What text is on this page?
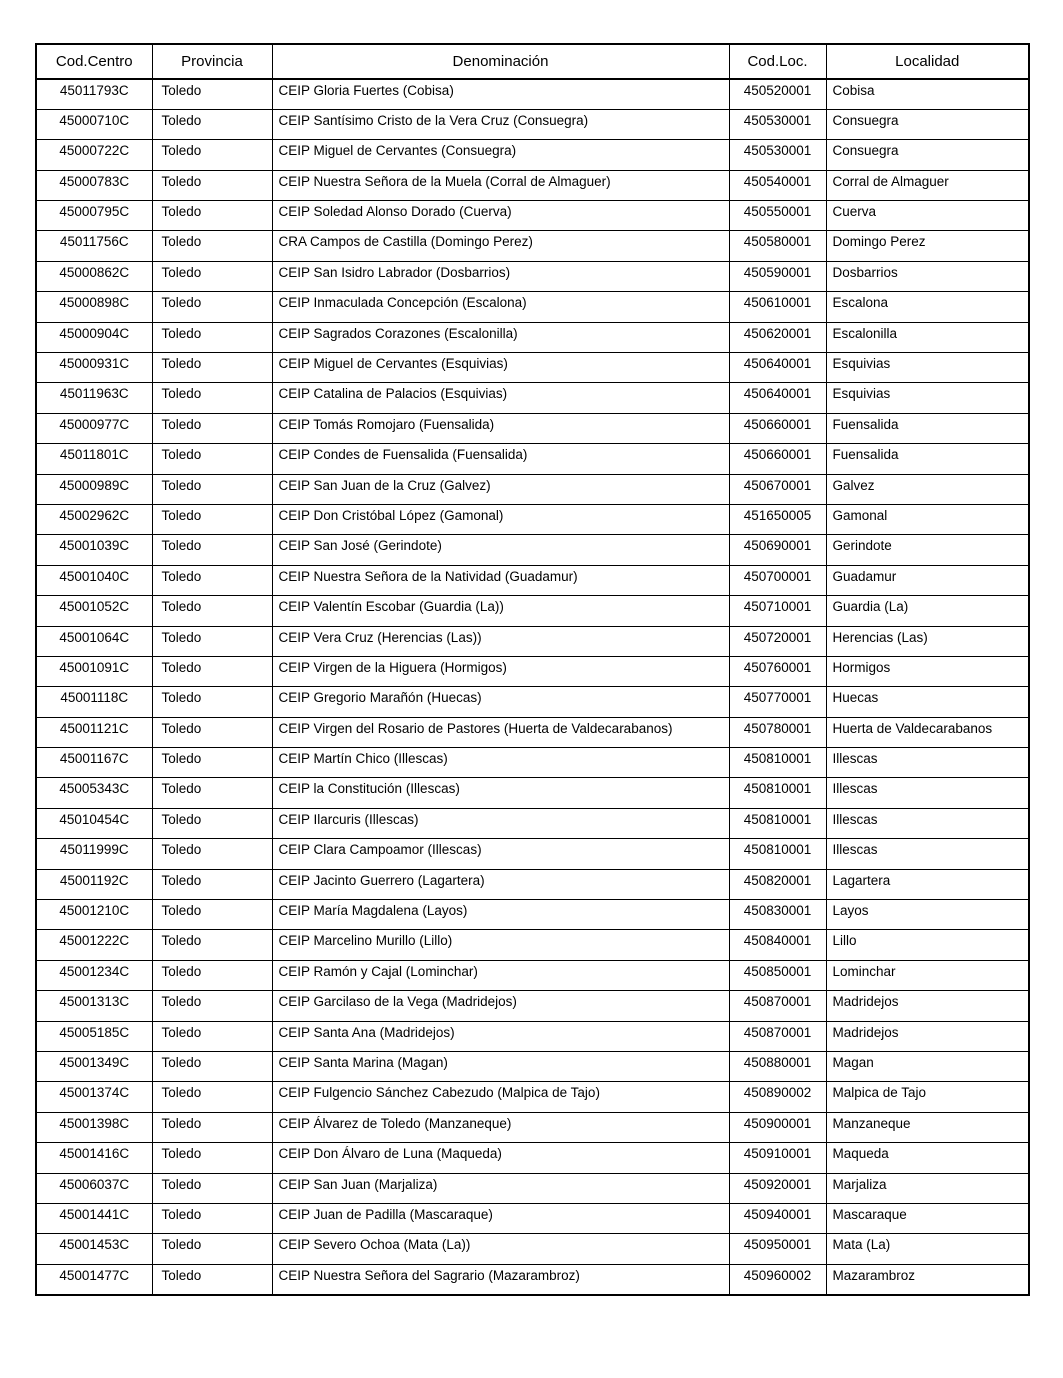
Cod.Centro	Provincia	Denominación	Cod.Loc.	Localidad
45011793C	Toledo	CEIP Gloria Fuertes (Cobisa)	450520001	Cobisa
45000710C	Toledo	CEIP Santísimo Cristo de la Vera Cruz (Consuegra)	450530001	Consuegra
45000722C	Toledo	CEIP Miguel de Cervantes (Consuegra)	450530001	Consuegra
45000783C	Toledo	CEIP Nuestra Señora de la Muela (Corral de Almaguer)	450540001	Corral de Almaguer
45000795C	Toledo	CEIP Soledad Alonso Dorado (Cuerva)	450550001	Cuerva
45011756C	Toledo	CRA Campos de Castilla (Domingo Perez)	450580001	Domingo Perez
45000862C	Toledo	CEIP San Isidro Labrador (Dosbarrios)	450590001	Dosbarrios
45000898C	Toledo	CEIP Inmaculada Concepción (Escalona)	450610001	Escalona
45000904C	Toledo	CEIP Sagrados Corazones (Escalonilla)	450620001	Escalonilla
45000931C	Toledo	CEIP Miguel de Cervantes (Esquivias)	450640001	Esquivias
45011963C	Toledo	CEIP Catalina de Palacios (Esquivias)	450640001	Esquivias
45000977C	Toledo	CEIP Tomás Romojaro (Fuensalida)	450660001	Fuensalida
45011801C	Toledo	CEIP Condes de Fuensalida (Fuensalida)	450660001	Fuensalida
45000989C	Toledo	CEIP San Juan de la Cruz (Galvez)	450670001	Galvez
45002962C	Toledo	CEIP Don Cristóbal López (Gamonal)	451650005	Gamonal
45001039C	Toledo	CEIP San José (Gerindote)	450690001	Gerindote
45001040C	Toledo	CEIP Nuestra Señora de la Natividad (Guadamur)	450700001	Guadamur
45001052C	Toledo	CEIP Valentín Escobar (Guardia (La))	450710001	Guardia (La)
45001064C	Toledo	CEIP Vera Cruz (Herencias (Las))	450720001	Herencias (Las)
45001091C	Toledo	CEIP Virgen de la Higuera (Hormigos)	450760001	Hormigos
45001118C	Toledo	CEIP Gregorio Marañón (Huecas)	450770001	Huecas
45001121C	Toledo	CEIP Virgen del Rosario de Pastores (Huerta de Valdecarabanos)	450780001	Huerta de Valdecarabanos
45001167C	Toledo	CEIP Martín Chico (Illescas)	450810001	Illescas
45005343C	Toledo	CEIP la Constitución (Illescas)	450810001	Illescas
45010454C	Toledo	CEIP Ilarcuris (Illescas)	450810001	Illescas
45011999C	Toledo	CEIP Clara Campoamor (Illescas)	450810001	Illescas
45001192C	Toledo	CEIP Jacinto Guerrero (Lagartera)	450820001	Lagartera
45001210C	Toledo	CEIP María Magdalena (Layos)	450830001	Layos
45001222C	Toledo	CEIP Marcelino Murillo (Lillo)	450840001	Lillo
45001234C	Toledo	CEIP Ramón y Cajal (Lominchar)	450850001	Lominchar
45001313C	Toledo	CEIP Garcilaso de la Vega (Madridejos)	450870001	Madridejos
45005185C	Toledo	CEIP Santa Ana (Madridejos)	450870001	Madridejos
45001349C	Toledo	CEIP Santa Marina (Magan)	450880001	Magan
45001374C	Toledo	CEIP Fulgencio Sánchez Cabezudo (Malpica de Tajo)	450890002	Malpica de Tajo
45001398C	Toledo	CEIP Álvarez de Toledo (Manzaneque)	450900001	Manzaneque
45001416C	Toledo	CEIP Don Álvaro de Luna (Maqueda)	450910001	Maqueda
45006037C	Toledo	CEIP San Juan (Marjaliza)	450920001	Marjaliza
45001441C	Toledo	CEIP Juan de Padilla (Mascaraque)	450940001	Mascaraque
45001453C	Toledo	CEIP Severo Ochoa (Mata (La))	450950001	Mata (La)
45001477C	Toledo	CEIP Nuestra Señora del Sagrario (Mazarambroz)	450960002	Mazarambroz
